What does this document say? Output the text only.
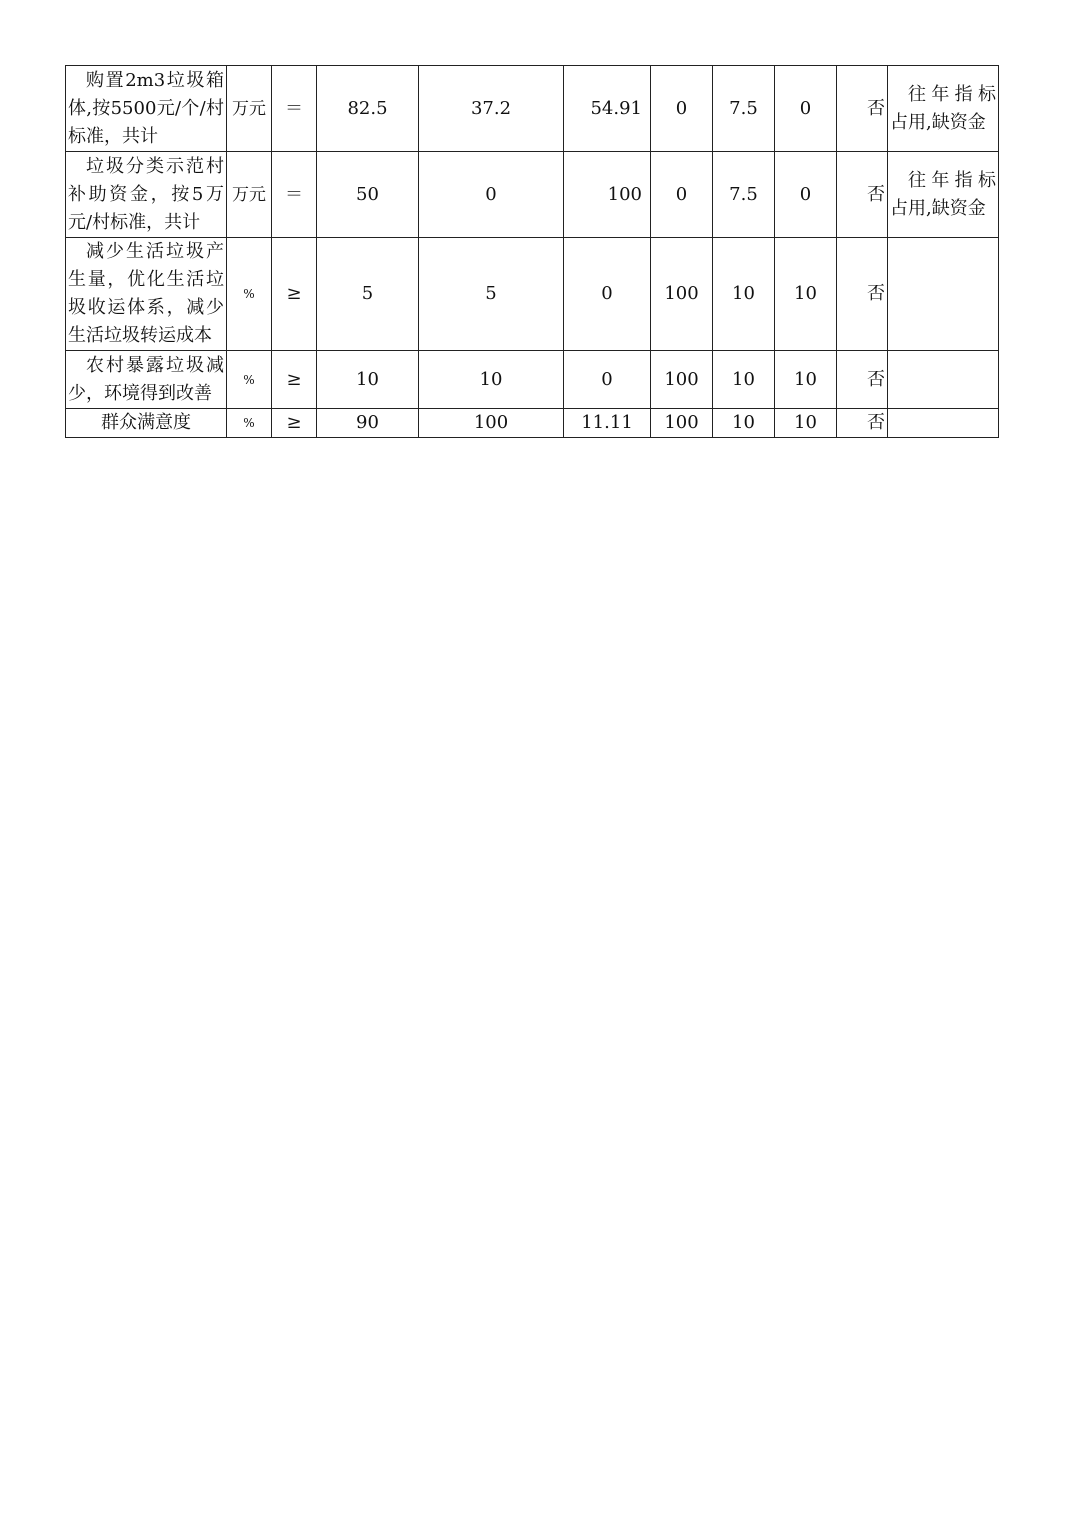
购置2m3垃圾箱体,按5500元/个/村标准，共计	万元	＝	82.5	37.2	54.91	0	7.5	0	否	往年指标占用,缺资金
垃圾分类示范村补助资金，按5万元/村标准，共计	万元	＝	50	0	100	0	7.5	0	否	往年指标占用,缺资金
减少生活垃圾产生量，优化生活垃圾收运体系，减少生活垃圾转运成本	%	≥	5	5	0	100	10	10	否	
农村暴露垃圾减少，环境得到改善	%	≥	10	10	0	100	10	10	否	
群众满意度	%	≥	90	100	11.11	100	10	10	否	
